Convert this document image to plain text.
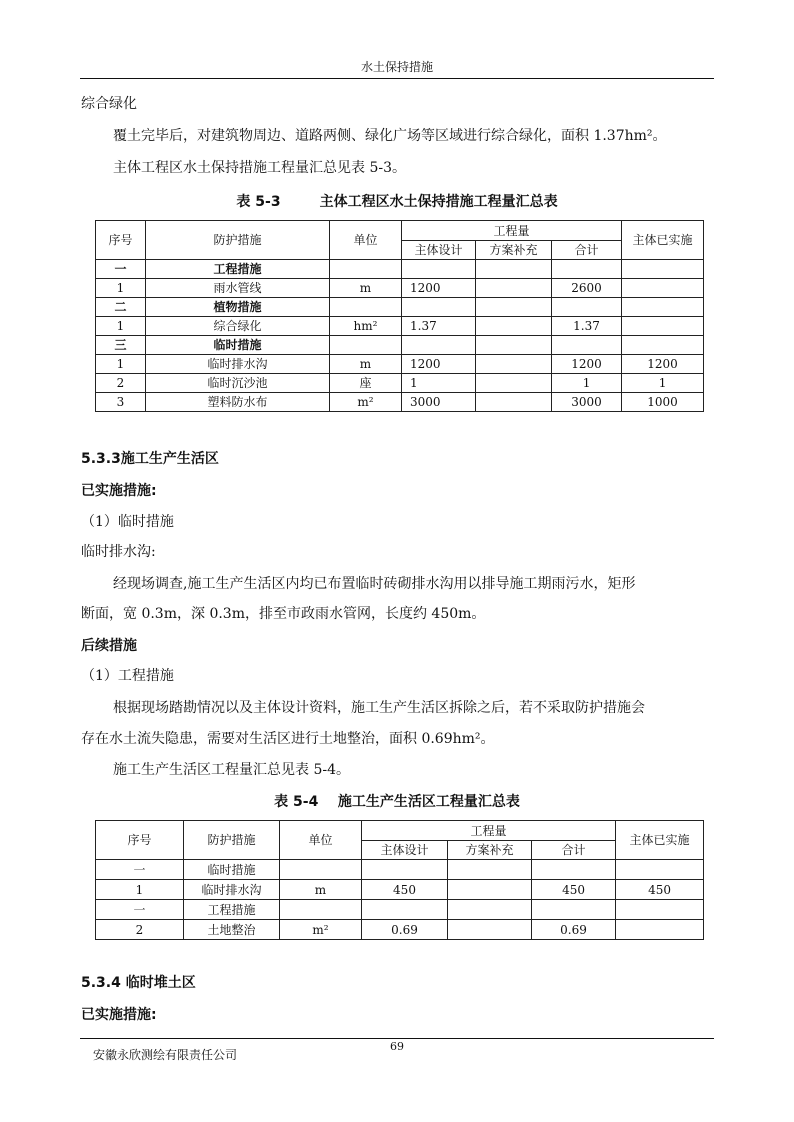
水土保持措施
综合绿化
覆土完毕后，对建筑物周边、道路两侧、绿化广场等区域进行综合绿化，面积 1.37hm²。
主体工程区水土保持措施工程量汇总见表 5-3。
表 5-3	主体工程区水土保持措施工程量汇总表
序号	防护措施	单位	工程量			主体已实施
			主体设计	方案补充	合计	
一	工程措施					
1	雨水管线	m	1200		2600	
二	植物措施					
1	综合绿化	hm²	1.37		1.37	
三	临时措施					
1	临时排水沟	m	1200		1200	1200
2	临时沉沙池	座	1		1	1
3	塑料防水布	m²	3000		3000	1000
5.3.3施工生产生活区
已实施措施:
（1）临时措施
临时排水沟:
经现场调查,施工生产生活区内均已布置临时砖砌排水沟用以排导施工期雨污水，矩形
断面，宽 0.3m，深 0.3m，排至市政雨水管网，长度约 450m。
后续措施
（1）工程措施
根据现场踏勘情况以及主体设计资料，施工生产生活区拆除之后，若不采取防护措施会
存在水土流失隐患，需要对生活区进行土地整治，面积 0.69hm²。
施工生产生活区工程量汇总见表 5-4。
表 5-4 施工生产生活区工程量汇总表
序号	防护措施	单位	工程量			主体已实施
			主体设计	方案补充	合计	
一	临时措施					
1	临时排水沟	m	450		450	450
一	工程措施					
2	土地整治	m²	0.69		0.69	
5.3.4 临时堆土区
已实施措施:
69
安徽永欣测绘有限责任公司
